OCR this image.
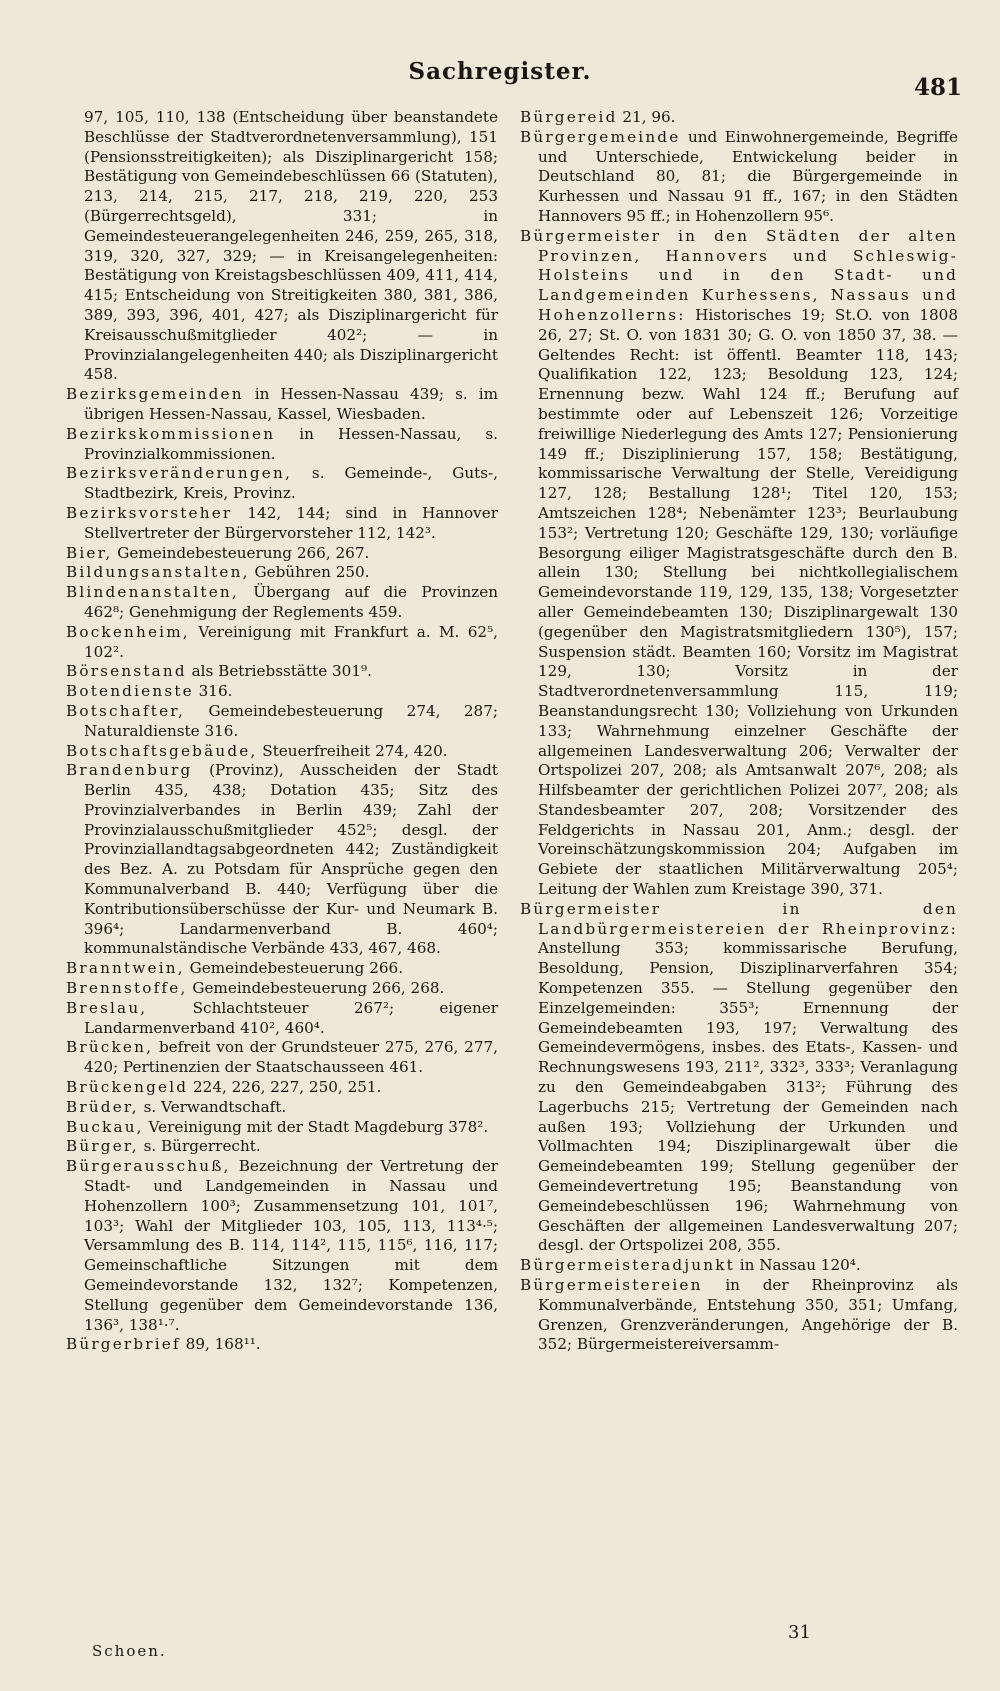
Sachregister.
481

97, 105, 110, 138 (Entscheidung über beanstandete Beschlüsse der Stadtverordnetenversammlung), 151 (Pensionsstreitigkeiten); als Disziplinargericht 158; Bestätigung von Gemeindebeschlüssen 66 (Statuten), 213, 214, 215, 217, 218, 219, 220, 253 (Bürgerrechtsgeld), 331; in Gemeindesteuerangelegenheiten 246, 259, 265, 318, 319, 320, 327, 329; — in Kreisangelegenheiten: Bestätigung von Kreistagsbeschlüssen 409, 411, 414, 415; Entscheidung von Streitigkeiten 380, 381, 386, 389, 393, 396, 401, 427; als Disziplinargericht für Kreisausschußmitglieder 402²; — in Provinzialangelegenheiten 440; als Disziplinargericht 458.

Bezirksgemeinden in Hessen-Nassau 439; s. im übrigen Hessen-Nassau, Kassel, Wiesbaden.

Bezirkskommissionen in Hessen-Nassau, s. Provinzialkommissionen.

Bezirksveränderungen, s. Gemeinde-, Guts-, Stadtbezirk, Kreis, Provinz.

Bezirksvorsteher 142, 144; sind in Hannover Stellvertreter der Bürgervorsteher 112, 142³.

Bier, Gemeindebesteuerung 266, 267.

Bildungsanstalten, Gebühren 250.

Blindenanstalten, Übergang auf die Provinzen 462⁸; Genehmigung der Reglements 459.

Bockenheim, Vereinigung mit Frankfurt a. M. 62⁵, 102².

Börsenstand als Betriebsstätte 301⁹.

Botendienste 316.

Botschafter, Gemeindebesteuerung 274, 287; Naturaldienste 316.

Botschaftsgebäude, Steuerfreiheit 274, 420.

Brandenburg (Provinz), Ausscheiden der Stadt Berlin 435, 438; Dotation 435; Sitz des Provinzialverbandes in Berlin 439; Zahl der Provinzialausschußmitglieder 452⁵; desgl. der Provinziallandtagsabgeordneten 442; Zuständigkeit des Bez. A. zu Potsdam für Ansprüche gegen den Kommunalverband B. 440; Verfügung über die Kontributionsüberschüsse der Kur- und Neumark B. 396⁴; Landarmenverband B. 460⁴; kommunalständische Verbände 433, 467, 468.

Branntwein, Gemeindebesteuerung 266.

Brennstoffe, Gemeindebesteuerung 266, 268.

Breslau,	Schlachtsteuer 267²; eigener Landarmenverband 410², 460⁴.

Brücken, befreit von der Grundsteuer 275, 276, 277, 420; Pertinenzien der Staatschausseen 461.

Brückengeld 224, 226, 227, 250, 251.

Brüder, s. Verwandtschaft.

Buckau, Vereinigung mit der Stadt Magdeburg 378².

Bürger, s. Bürgerrecht.

Bürgerausschuß, Bezeichnung der Vertretung der Stadt- und Landgemeinden in Nassau und Hohenzollern 100³; Zusammensetzung 101, 101⁷, 103³; Wahl der Mitglieder 103, 105, 113, 113⁴·⁵; Versammlung des B. 114, 114², 115, 115⁶, 116, 117; Gemeinschaftliche Sitzungen mit dem Gemeindevorstande 132, 132⁷; Kompetenzen, Stellung gegenüber dem Gemeindevorstande 136, 136³, 138¹·⁷.

Bürgerbrief 89, 168¹¹.

Bürgereid 21, 96.

Bürgergemeinde und Einwohnergemeinde, Begriffe und Unterschiede, Entwickelung beider in Deutschland 80, 81; die Bürgergemeinde in Kurhessen und Nassau 91 ff., 167; in den Städten Hannovers 95 ff.; in Hohenzollern 95⁶.

Bürgermeister in den Städten der alten Provinzen, Hannovers und Schleswig-Holsteins und in den Stadt- und Landgemeinden Kurhessens, Nassaus und Hohenzollerns: Historisches 19; St.O. von 1808 26, 27; St. O. von 1831 30; G. O. von 1850 37, 38. — Geltendes Recht: ist öffentl. Beamter 118, 143; Qualifikation 122, 123; Besoldung 123, 124; Ernennung bezw. Wahl 124 ff.; Berufung auf bestimmte oder auf Lebenszeit 126; Vorzeitige freiwillige Niederlegung des Amts 127; Pensionierung 149 ff.; Disziplinierung 157, 158; Bestätigung, kommissarische Verwaltung der Stelle, Vereidigung 127, 128; Bestallung 128¹; Titel 120, 153; Amtszeichen 128⁴; Nebenämter 123³; Beurlaubung 153²; Vertretung 120; Geschäfte 129, 130; vorläufige Besorgung eiliger Magistratsgeschäfte durch den B. allein 130; Stellung bei nichtkollegialischem Gemeindevorstande 119, 129, 135, 138; Vorgesetzter aller Gemeindebeamten 130; Disziplinargewalt 130 (gegenüber den Magistratsmitgliedern 130⁵), 157; Suspension städt. Beamten 160; Vorsitz im Magistrat 129, 130; Vorsitz in der Stadtverordnetenversammlung 115, 119; Beanstandungsrecht 130; Vollziehung von Urkunden 133; Wahrnehmung einzelner Geschäfte der allgemeinen Landesverwaltung 206; Verwalter der Ortspolizei 207, 208; als Amtsanwalt 207⁶, 208; als Hilfsbeamter der gerichtlichen Polizei 207⁷, 208; als Standesbeamter 207, 208; Vorsitzender des Feldgerichts in Nassau 201, Anm.; desgl. der Voreinschätzungskommission 204; Aufgaben im Gebiete der staatlichen Militärverwaltung 205⁴; Leitung der Wahlen zum Kreistage 390, 371.

Bürgermeister in den Landbürgermeistereien der Rheinprovinz: Anstellung 353; kommissarische Berufung, Besoldung, Pension, Disziplinarverfahren 354; Kompetenzen 355. — Stellung gegenüber den Einzelgemeinden: 355³; Ernennung der Gemeindebeamten 193, 197; Verwaltung des Gemeindevermögens, insbes. des Etats-, Kassen- und Rechnungswesens 193, 211², 332³, 333³; Veranlagung zu den Gemeindeabgaben 313²; Führung des Lagerbuchs 215; Vertretung der Gemeinden nach außen 193; Vollziehung der Urkunden und Vollmachten 194; Disziplinargewalt über die Gemeindebeamten 199; Stellung gegenüber der Gemeindevertretung 195; Beanstandung von Gemeindebeschlüssen 196; Wahrnehmung von Geschäften der allgemeinen Landesverwaltung 207; desgl. der Ortspolizei 208, 355.

Bürgermeisteradjunkt in Nassau 120⁴.

Bürgermeistereien in der Rheinprovinz als Kommunalverbände, Entstehung 350, 351; Umfang, Grenzen, Grenzveränderungen, Angehörige der B. 352; Bürgermeistereiversamm-

Schoen.
31
